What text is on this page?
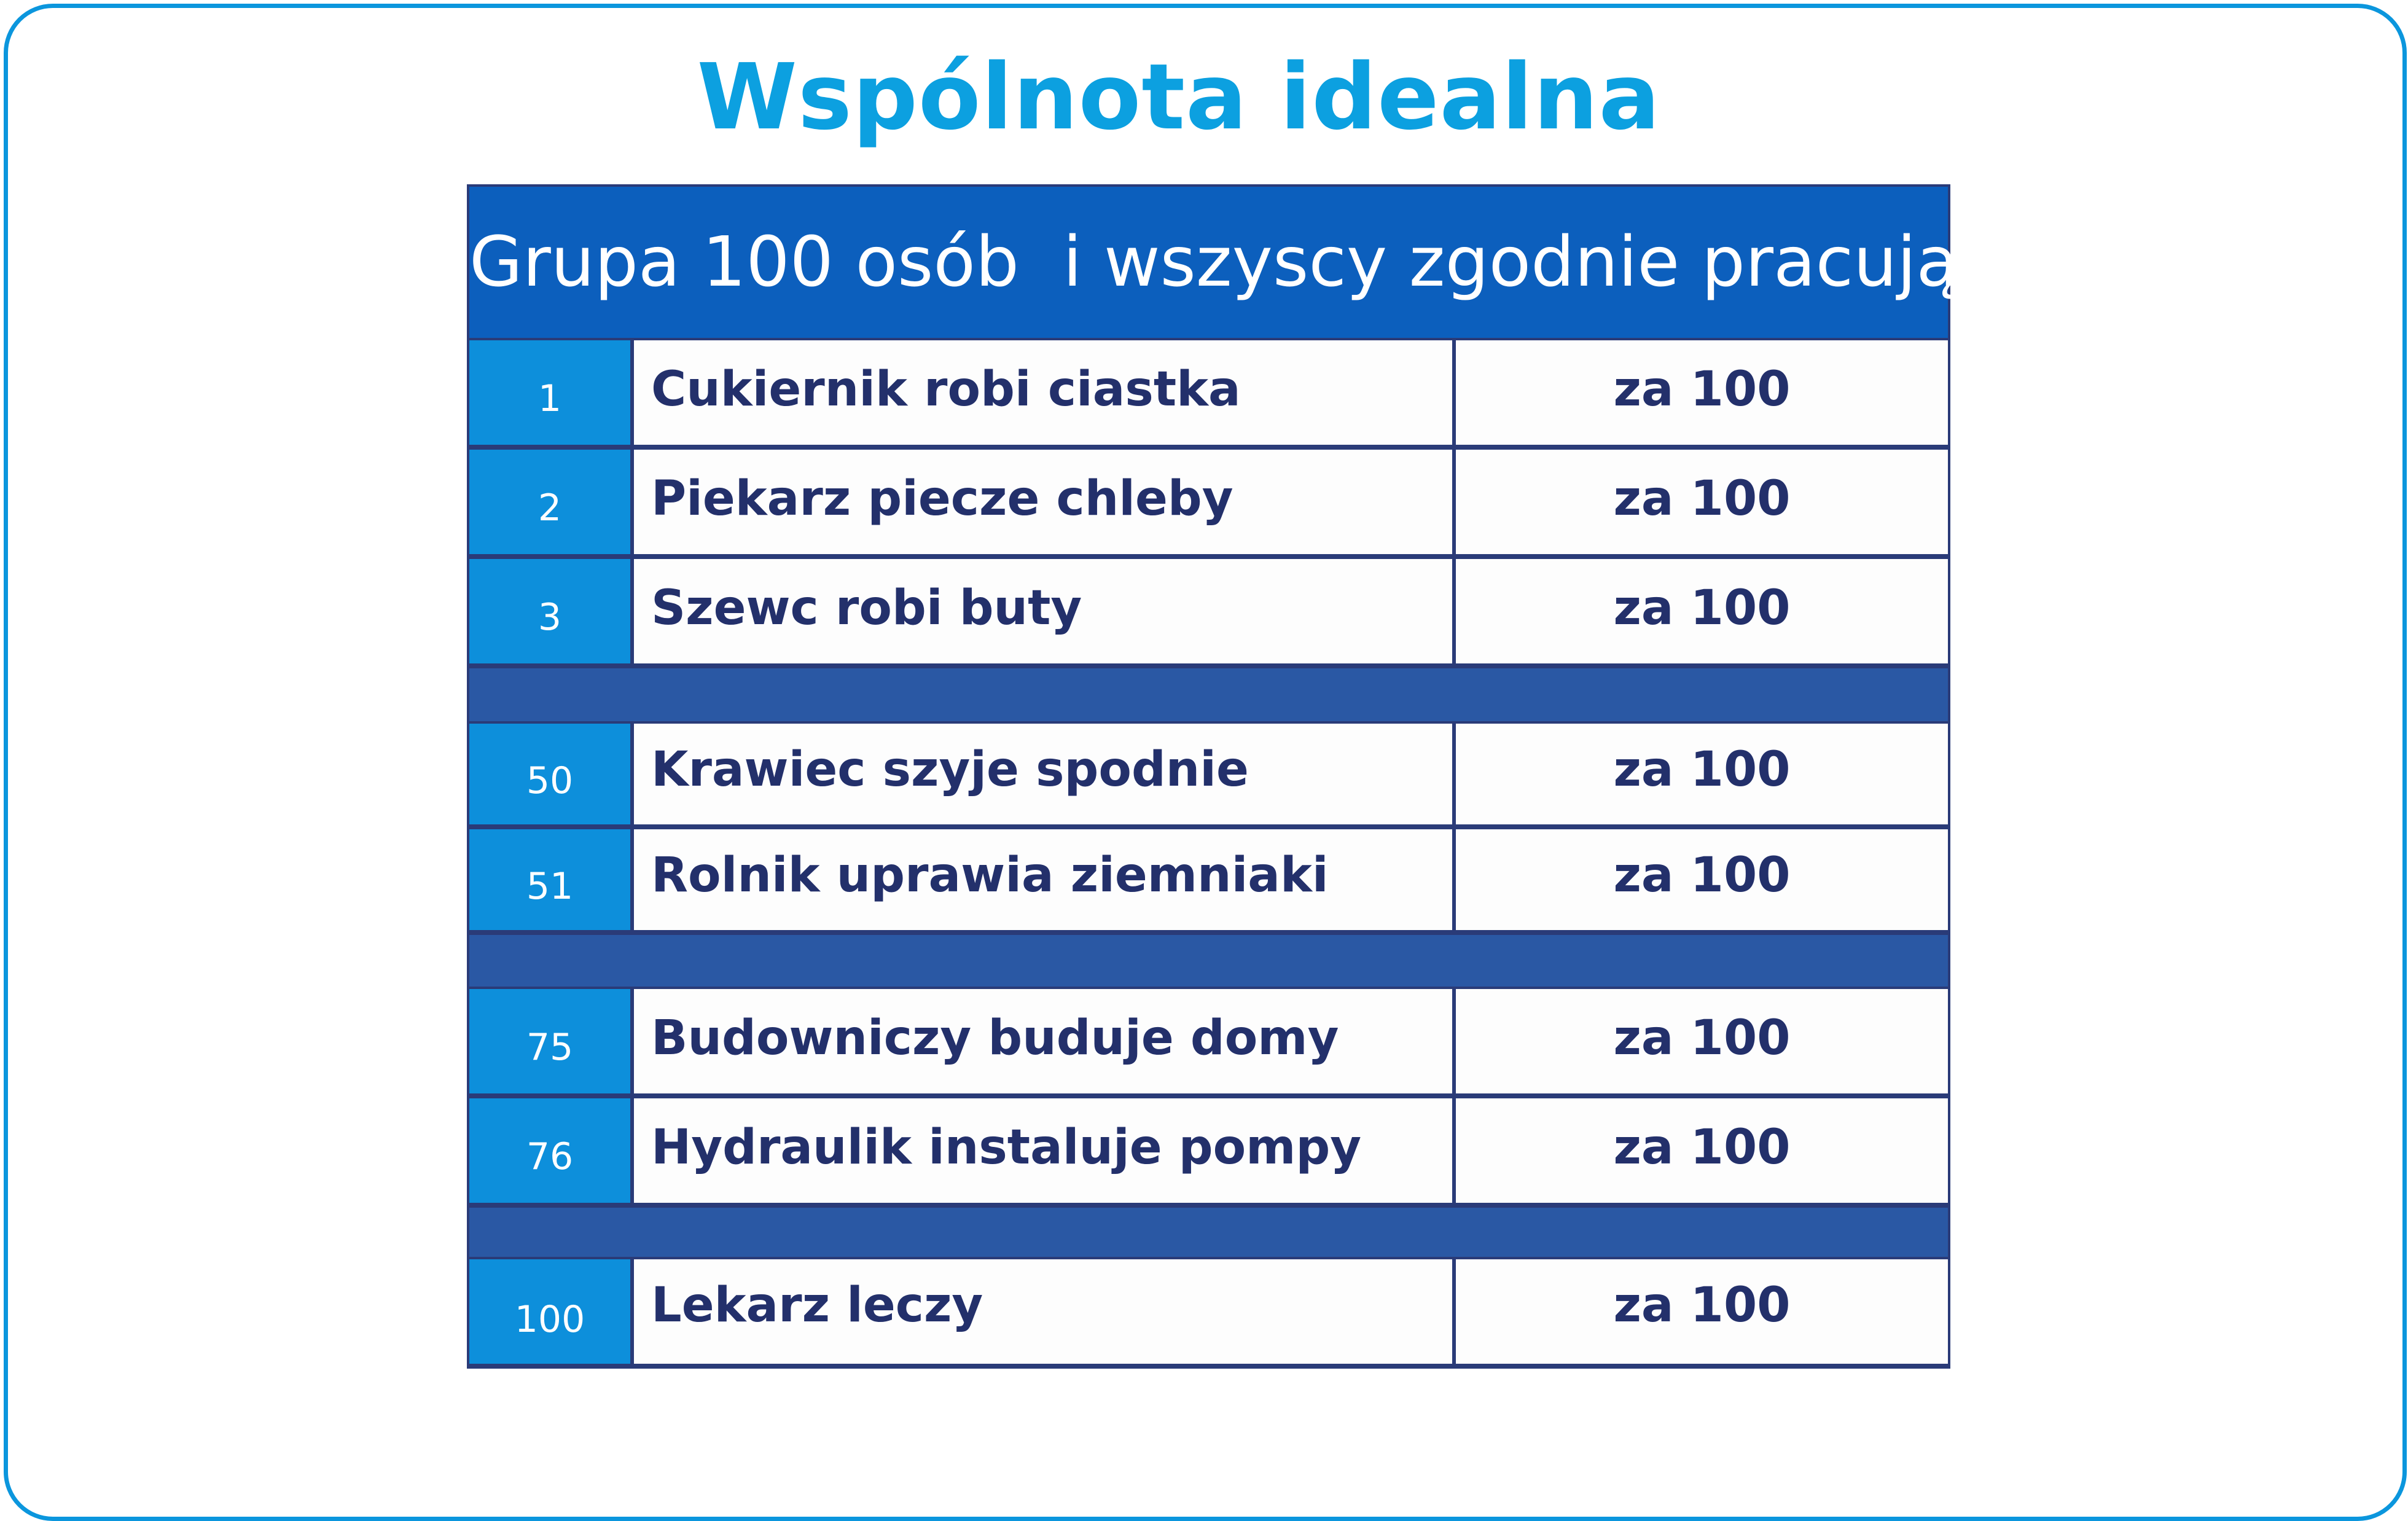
Wspólnota idealna
Grupa 100 osób  i wszyscy zgodnie pracują
1	Cukiernik robi ciastka	za 100
2	Piekarz piecze chleby	za 100
3	Szewc robi buty	za 100
50	Krawiec szyje spodnie	za 100
51	Rolnik uprawia ziemniaki	za 100
75	Budowniczy buduje domy	za 100
76	Hydraulik instaluje pompy	za 100
100	Lekarz leczy	za 100
